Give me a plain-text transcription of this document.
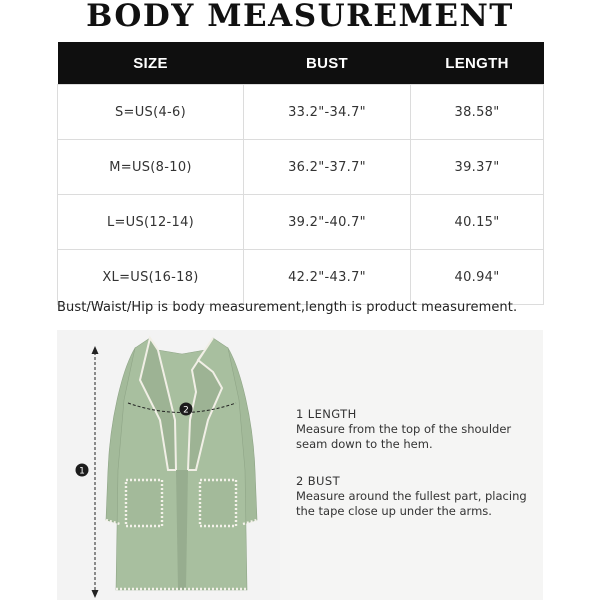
BODY MEASUREMENT
SIZE	BUST	LENGTH
S=US(4-6)	33.2"-34.7"	38.58"
M=US(8-10)	36.2"-37.7"	39.37"
L=US(12-14)	39.2"-40.7"	40.15"
XL=US(16-18)	42.2"-43.7"	40.94"
Bust/Waist/Hip is body measurement,length is product measurement.
1
2	1 LENGTH
Measure from the top of the shoulder seam down to the hem.
2 BUST
Measure around the fullest part, placing the tape close up under the arms.
